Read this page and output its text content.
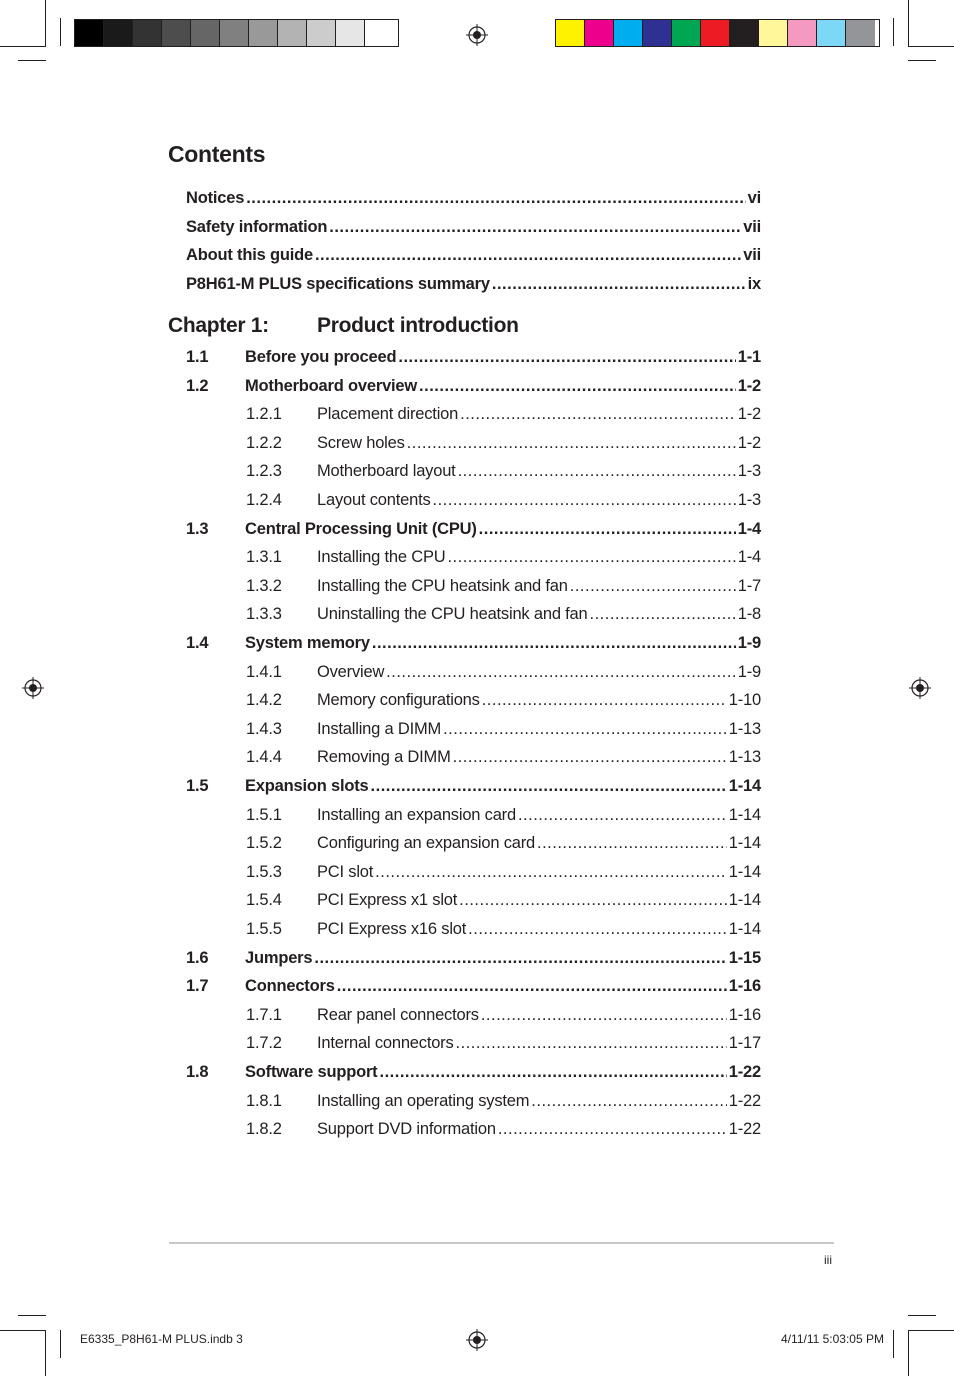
Contents
Notices .....	vi
Safety information .....	vii
About this guide .....	vii
P8H61-M PLUS specifications summary .....	ix
Chapter 1: Product introduction
1.1	Before you proceed .....	1-1
1.2	Motherboard overview .....	1-2
1.2.1	Placement direction .....	1-2
1.2.2	Screw holes .....	1-2
1.2.3	Motherboard layout .....	1-3
1.2.4	Layout contents .....	1-3
1.3	Central Processing Unit (CPU) .....	1-4
1.3.1	Installing the CPU .....	1-4
1.3.2	Installing the CPU heatsink and fan .....	1-7
1.3.3	Uninstalling the CPU heatsink and fan .....	1-8
1.4	System memory .....	1-9
1.4.1	Overview .....	1-9
1.4.2	Memory configurations .....	1-10
1.4.3	Installing a DIMM .....	1-13
1.4.4	Removing a DIMM .....	1-13
1.5	Expansion slots .....	1-14
1.5.1	Installing an expansion card .....	1-14
1.5.2	Configuring an expansion card .....	1-14
1.5.3	PCI slot .....	1-14
1.5.4	PCI Express x1 slot .....	1-14
1.5.5	PCI Express x16 slot .....	1-14
1.6	Jumpers .....	1-15
1.7	Connectors .....	1-16
1.7.1	Rear panel connectors .....	1-16
1.7.2	Internal connectors .....	1-17
1.8	Software support .....	1-22
1.8.1	Installing an operating system .....	1-22
1.8.2	Support DVD information .....	1-22
iii
E6335_P8H61-M PLUS.indb 3	4/11/11 5:03:05 PM
